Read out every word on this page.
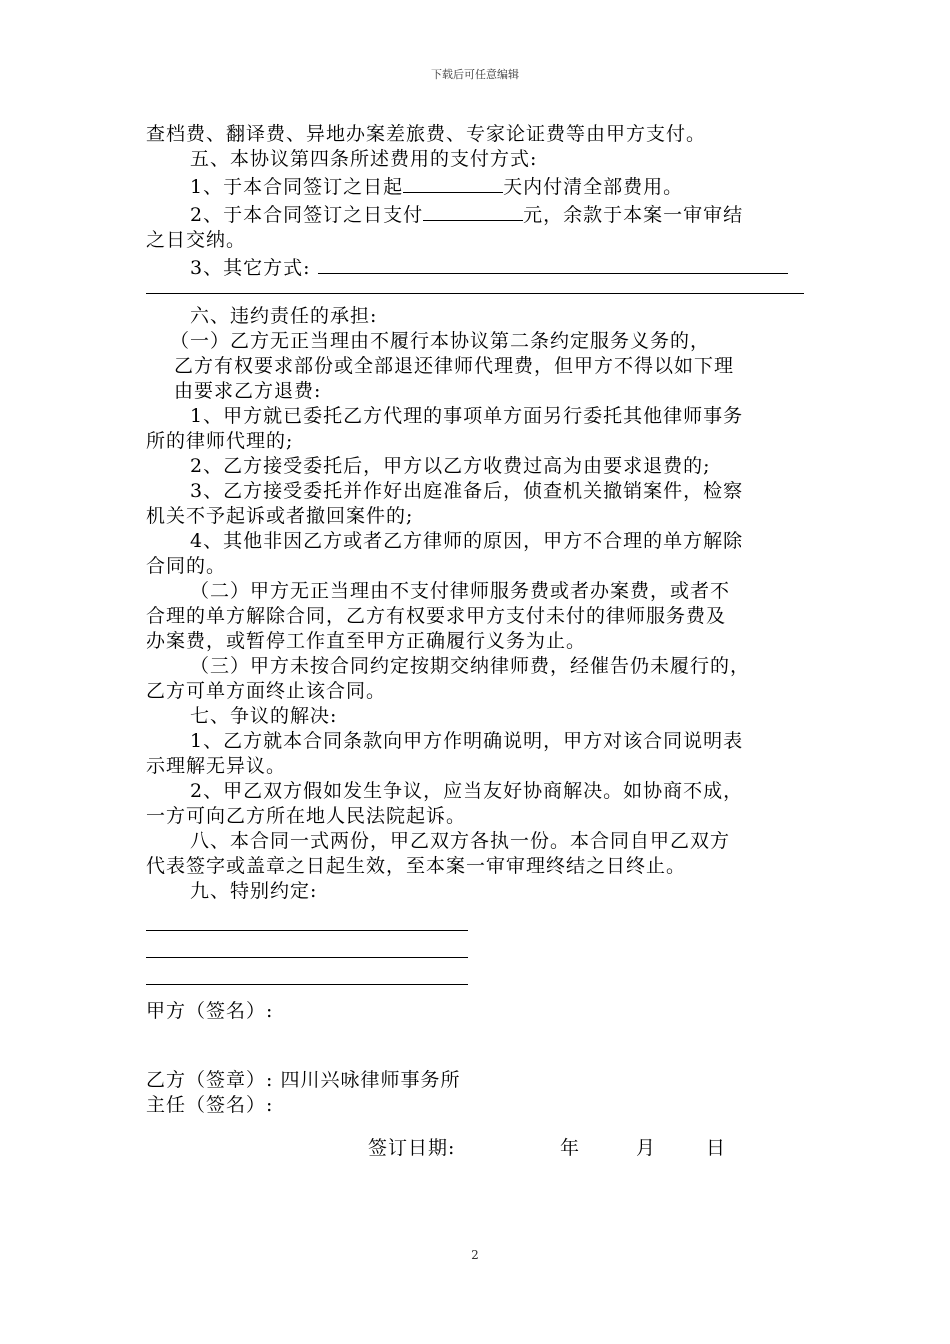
下载后可任意编辑

查档费、翻译费、异地办案差旅费、专家论证费等由甲方支付。

五、本协议第四条所述费用的支付方式:

1、于本合同签订之日起	天内付清全部费用。

2、于本合同签订之日支付	元，余款于本案一审审结

之日交纳。

3、其它方式:

六、违约责任的承担:

（一）乙方无正当理由不履行本协议第二条约定服务义务的，

乙方有权要求部份或全部退还律师代理费，但甲方不得以如下理

由要求乙方退费:

1、甲方就已委托乙方代理的事项单方面另行委托其他律师事务

所的律师代理的;

2、乙方接受委托后，甲方以乙方收费过高为由要求退费的;

3、乙方接受委托并作好出庭准备后，侦查机关撤销案件，检察

机关不予起诉或者撤回案件的;

4、其他非因乙方或者乙方律师的原因，甲方不合理的单方解除

合同的。

（二）甲方无正当理由不支付律师服务费或者办案费，或者不

合理的单方解除合同，乙方有权要求甲方支付未付的律师服务费及

办案费，或暂停工作直至甲方正确履行义务为止。

（三）甲方未按合同约定按期交纳律师费，经催告仍未履行的，

乙方可单方面终止该合同。

七、争议的解决:

1、乙方就本合同条款向甲方作明确说明，甲方对该合同说明表

示理解无异议。

2、甲乙双方假如发生争议，应当友好协商解决。如协商不成，

一方可向乙方所在地人民法院起诉。

八、本合同一式两份，甲乙双方各执一份。本合同自甲乙双方

代表签字或盖章之日起生效，至本案一审审理终结之日终止。

九、特别约定:

甲方（签名）:

乙方（签章）: 四川兴咏律师事务所

主任（签名）:

签订日期:	年	月	日
2
